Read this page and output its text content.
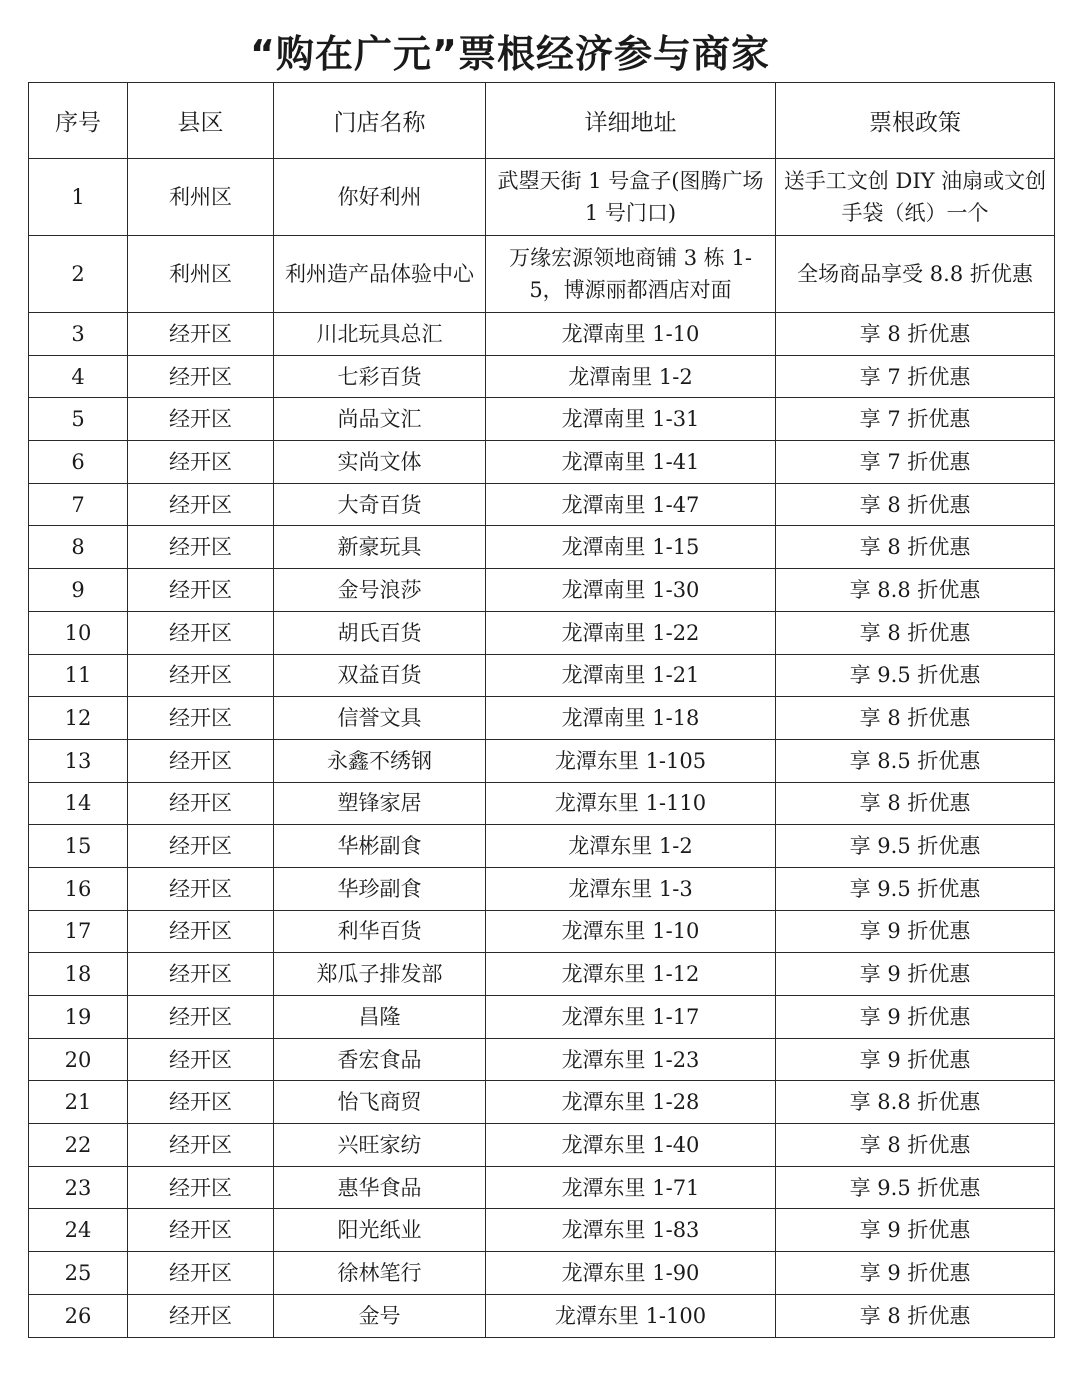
“购在广元”票根经济参与商家
序号	县区	门店名称	详细地址	票根政策
1	利州区	你好利州	武曌天街 1 号盒子(图腾广场 1 号门口)	送手工文创 DIY 油扇或文创手袋（纸）一个
2	利州区	利州造产品体验中心	万缘宏源领地商铺 3 栋 1-5，博源丽都酒店对面	全场商品享受 8.8 折优惠
3	经开区	川北玩具总汇	龙潭南里 1-10	享 8 折优惠
4	经开区	七彩百货	龙潭南里 1-2	享 7 折优惠
5	经开区	尚品文汇	龙潭南里 1-31	享 7 折优惠
6	经开区	实尚文体	龙潭南里 1-41	享 7 折优惠
7	经开区	大奇百货	龙潭南里 1-47	享 8 折优惠
8	经开区	新豪玩具	龙潭南里 1-15	享 8 折优惠
9	经开区	金号浪莎	龙潭南里 1-30	享 8.8 折优惠
10	经开区	胡氏百货	龙潭南里 1-22	享 8 折优惠
11	经开区	双益百货	龙潭南里 1-21	享 9.5 折优惠
12	经开区	信誉文具	龙潭南里 1-18	享 8 折优惠
13	经开区	永鑫不绣钢	龙潭东里 1-105	享 8.5 折优惠
14	经开区	塑锋家居	龙潭东里 1-110	享 8 折优惠
15	经开区	华彬副食	龙潭东里 1-2	享 9.5 折优惠
16	经开区	华珍副食	龙潭东里 1-3	享 9.5 折优惠
17	经开区	利华百货	龙潭东里 1-10	享 9 折优惠
18	经开区	郑瓜子排发部	龙潭东里 1-12	享 9 折优惠
19	经开区	昌隆	龙潭东里 1-17	享 9 折优惠
20	经开区	香宏食品	龙潭东里 1-23	享 9 折优惠
21	经开区	怡飞商贸	龙潭东里 1-28	享 8.8 折优惠
22	经开区	兴旺家纺	龙潭东里 1-40	享 8 折优惠
23	经开区	惠华食品	龙潭东里 1-71	享 9.5 折优惠
24	经开区	阳光纸业	龙潭东里 1-83	享 9 折优惠
25	经开区	徐林笔行	龙潭东里 1-90	享 9 折优惠
26	经开区	金号	龙潭东里 1-100	享 8 折优惠
